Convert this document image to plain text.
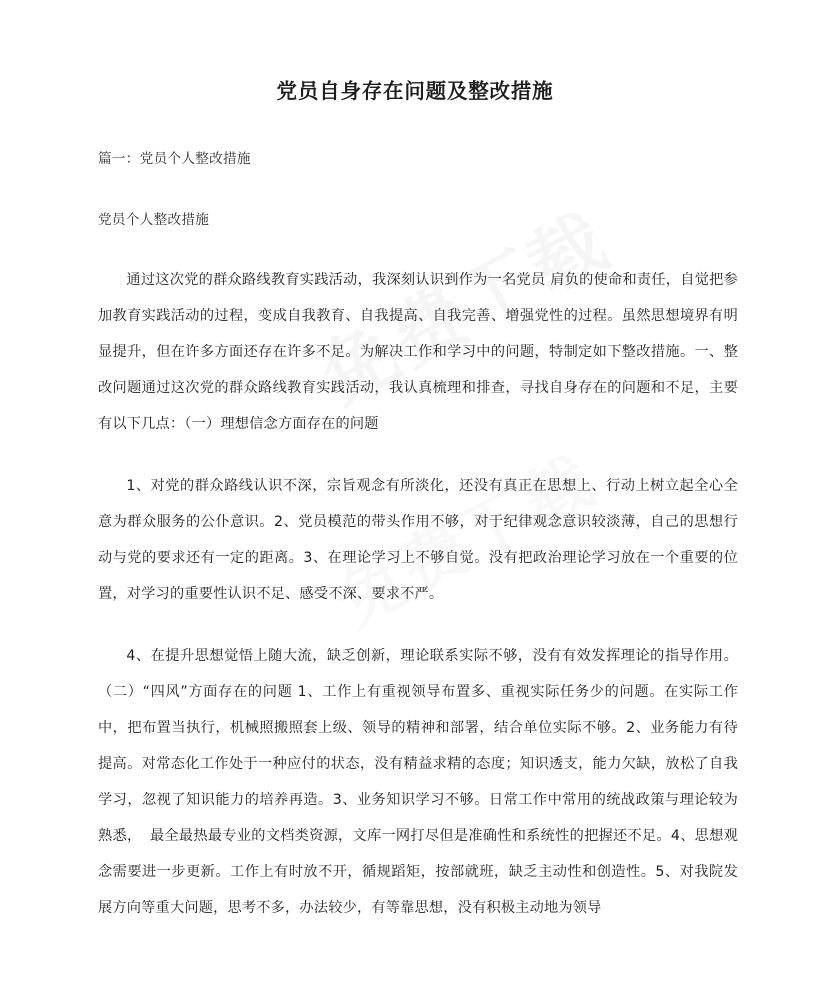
党员自身存在问题及整改措施
篇一：党员个人整改措施
党员个人整改措施

通过这次党的群众路线教育实践活动，我深刻认识到作为一名党员 肩负的使命和责任，自觉把参加教育实践活动的过程，变成自我教育、自我提高、自我完善、增强党性的过程。虽然思想境界有明显提升，但在许多方面还存在许多不足。为解决工作和学习中的问题，特制定如下整改措施。一、整改问题通过这次党的群众路线教育实践活动，我认真梳理和排查，寻找自身存在的问题和不足，主要有以下几点：（一）理想信念方面存在的问题

1、对党的群众路线认识不深，宗旨观念有所淡化，还没有真正在思想上、行动上树立起全心全意为群众服务的公仆意识。2、党员模范的带头作用不够，对于纪律观念意识较淡薄，自己的思想行动与党的要求还有一定的距离。3、在理论学习上不够自觉。没有把政治理论学习放在一个重要的位置，对学习的重要性认识不足、感受不深、要求不严。

4、在提升思想觉悟上随大流，缺乏创新，理论联系实际不够，没有有效发挥理论的指导作用。（二）“四风”方面存在的问题 1、工作上有重视领导布置多、重视实际任务少的问题。在实际工作中，把布置当执行，机械照搬照套上级、领导的精神和部署，结合单位实际不够。2、业务能力有待提高。对常态化工作处于一种应付的状态，没有精益求精的态度；知识透支，能力欠缺，放松了自我学习，忽视了知识能力的培养再造。3、业务知识学习不够。日常工作中常用的统战政策与理论较为熟悉， 最全最热最专业的文档类资源，文库一网打尽但是准确性和系统性的把握还不足。4、思想观念需要进一步更新。工作上有时放不开，循规蹈矩，按部就班，缺乏主动性和创造性。5、对我院发展方向等重大问题，思考不多，办法较少，有等靠思想，没有积极主动地为领导
